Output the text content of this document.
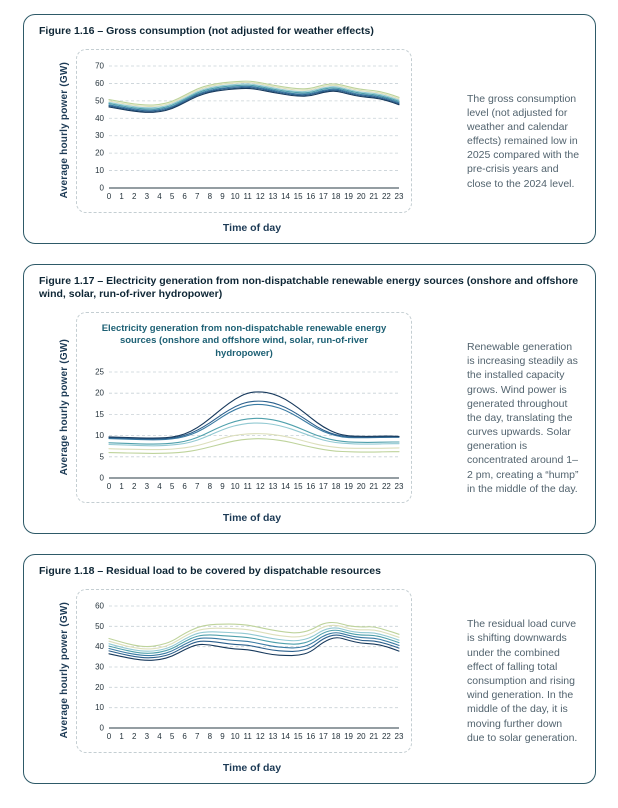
Figure 1.16 – Gross consumption (not adjusted for weather effects)
Average hourly power (GW)	0
10
20
30
40
50
60
70
0 1 2 3 4 5 6 7 8 9 10 11 12 13 14 15 16 17 18 19 20 21 22 23
Time of day
The gross consumption level (not adjusted for weather and calendar effects) remained low in 2025 compared with the pre-crisis years and close to the 2024 level.
Figure 1.17 – Electricity generation from non-dispatchable renewable energy sources (onshore and offshore wind, solar, run-of-river hydropower)
Average hourly power (GW)
Electricity generation from non-dispatchable renewable energy sources (onshore and offshore wind, solar, run-of-river hydropower)
0
5
10
15
20
25
0 1 2 3 4 5 6 7 8 9 10 11 12 13 14 15 16 17 18 19 20 21 22 23
Time of day
Renewable generation is increasing steadily as the installed capacity grows. Wind power is generated throughout the day, translating the curves upwards. Solar generation is concentrated around 1–2 pm, creating a “hump” in the middle of the day.
Figure 1.18 – Residual load to be covered by dispatchable resources
Average hourly power (GW)	0
10
20
30
40
50
60
0 1 2 3 4 5 6 7 8 9 10 11 12 13 14 15 16 17 18 19 20 21 22 23
Time of day
The residual load curve is shifting downwards under the combined effect of falling total consumption and rising wind generation. In the middle of the day, it is moving further down due to solar generation.
